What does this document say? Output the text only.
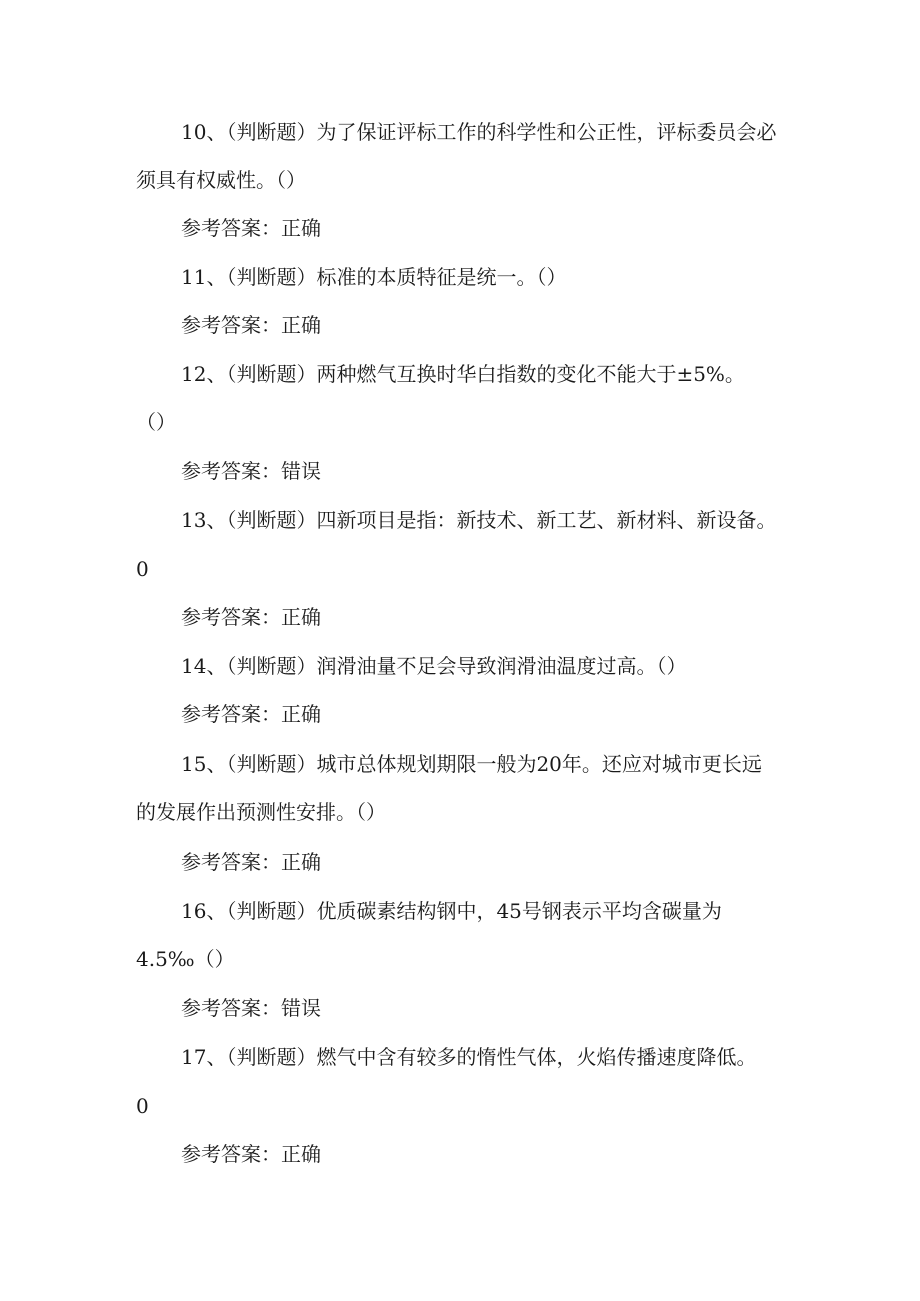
10、（判断题）为了保证评标工作的科学性和公正性，评标委员会必
须具有权威性。（）
参考答案：正确
11、（判断题）标准的本质特征是统一。（）
参考答案：正确
12、（判断题）两种燃气互换时华白指数的变化不能大于±5%。
（）
参考答案：错误
13、（判断题）四新项目是指：新技术、新工艺、新材料、新设备。
0
参考答案：正确
14、（判断题）润滑油量不足会导致润滑油温度过高。（）
参考答案：正确
15、（判断题）城市总体规划期限一般为20年。还应对城市更长远
的发展作出预测性安排。（）
参考答案：正确
16、（判断题）优质碳素结构钢中，45号钢表示平均含碳量为
4.5‰（）
参考答案：错误
17、（判断题）燃气中含有较多的惰性气体，火焰传播速度降低。
0
参考答案：正确
